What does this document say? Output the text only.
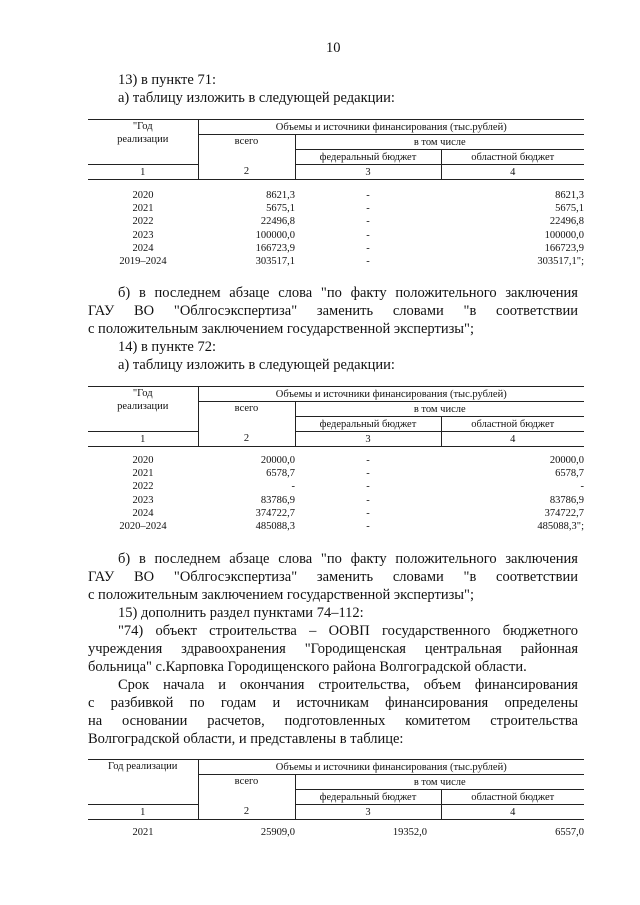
10
13) в пункте 71:
а) таблицу изложить в следующей редакции:
"Год реализации	Объемы и источники финансирования (тыс.рублей)		
	всего	в том числе	
		федеральный бюджет	областной бюджет
1	2	3	4

2020	8621,3	-	8621,3
2021	5675,1	-	5675,1
2022	22496,8	-	22496,8
2023	100000,0	-	100000,0
2024	166723,9	-	166723,9
2019–2024	303517,1	-	303517,1";
б) в последнем абзаце слова "по факту положительного заключения
ГАУ ВО "Облгосэкспертиза" заменить словами "в соответствии
с положительным заключением государственной экспертизы";
14) в пункте 72:
а) таблицу изложить в следующей редакции:
"Год реализации	Объемы и источники финансирования (тыс.рублей)		
	всего	в том числе	
		федеральный бюджет	областной бюджет
1	2	3	4

2020	20000,0	-	20000,0
2021	6578,7	-	6578,7
2022	-	-	-
2023	83786,9	-	83786,9
2024	374722,7	-	374722,7
2020–2024	485088,3	-	485088,3";
б) в последнем абзаце слова "по факту положительного заключения
ГАУ ВО "Облгосэкспертиза" заменить словами "в соответствии
с положительным заключением государственной экспертизы";
15) дополнить раздел пунктами 74–112:
"74) объект строительства – ООВП государственного бюджетного
учреждения здравоохранения "Городищенская центральная районная
больница" с.Карповка Городищенского района Волгоградской области.
Срок начала и окончания строительства, объем финансирования
с разбивкой по годам и источникам финансирования определены
на основании расчетов, подготовленных комитетом строительства
Волгоградской области, и представлены в таблице:
Год реализации	Объемы и источники финансирования (тыс.рублей)		
	всего	в том числе	
		федеральный бюджет	областной бюджет
1	2	3	4

2021	25909,0	19352,0	6557,0
